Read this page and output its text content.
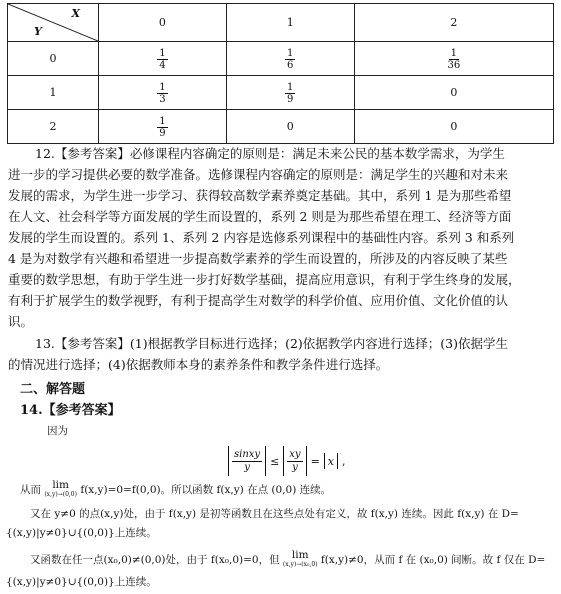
X
Y	0	1	2
0	$\frac{1}{4}$	$\frac{1}{6}$	$\frac{1}{36}$

1	$\frac{1}{3}$	$\frac{1}{9}$	0
2	$\frac{1}{9}$	0	0

12.【参考答案】必修课程内容确定的原则是：满足未来公民的基本数学需求，为学生

进一步的学习提供必要的数学准备。选修课程内容确定的原则是：满足学生的兴趣和对未来

发展的需求，为学生进一步学习、获得较高数学素养奠定基础。其中，系列 1 是为那些希望

在人文、社会科学等方面发展的学生而设置的，系列 2 则是为那些希望在理工、经济等方面

发展的学生而设置的。系列 1、系列 2 内容是选修系列课程中的基础性内容。系列 3 和系列

4 是为对数学有兴趣和希望进一步提高数学素养的学生而设置的，所涉及的内容反映了某些

重要的数学思想，有助于学生进一步打好数学基础，提高应用意识，有利于学生终身的发展，

有利于扩展学生的数学视野，有利于提高学生对数学的科学价值、应用价值、文化价值的认

识。

13.【参考答案】(1)根据教学目标进行选择；(2)依据教学内容进行选择；(3)依据学生

的情况进行选择；(4)依据教师本身的素养条件和教学条件进行选择。

二、解答题

14.【参考答案】

因为

$\frac{\text{sinxy}}{y} \le \frac{xy}{y} = x$ ,

从而 lim
(x,y)→(0,0) f(x,y)=0=f(0,0)。所以函数 f(x,y) 在点 (0,0) 连续。

又在 y≠0 的点(x,y)处，由于 f(x,y) 是初等函数且在这些点处有定义，故 f(x,y) 连续。因此 f(x,y) 在 D=

{(x,y)|y≠0}∪{(0,0)}上连续。

又函数在任一点(x₀,0)≠(0,0)处，由于 f(x₀,0)=0，但 lim
(x,y)→(x₀,0) f(x,y)≠0，从而 f 在 (x₀,0) 间断。故 f 仅在 D=

{(x,y)|y≠0}∪{(0,0)}上连续。
